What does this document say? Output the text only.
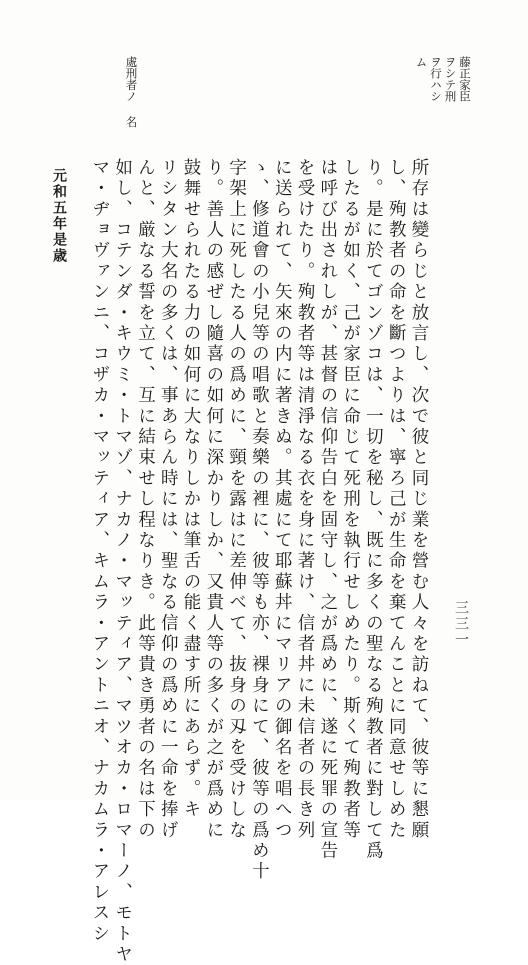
藤正家臣
ヲシテ刑
ヲ行ハシ
ム
處刑者ノ 名
所存は變らじと放言し、次で彼と同じ業を營む人々を訪ねて、彼等に懇願
し、殉教者の命を斷つよりは、寧ろ己が生命を棄てんことに同意せしめた
り。是に於てゴンゾコは、一切を秘し、既に多くの聖なる殉教者に對して爲
したるが如く、己が家臣に命じて死刑を執行せしめたり。斯くて殉教者等
は呼び出されしが、甚督の信仰告白を固守し、之が爲めに、遂に死罪の宣告
を受けたり。殉教者等は清淨なる衣を身に著け、信者丼に未信者の長き列
に送られて、矢來の内に著きぬ。其處にて耶蘇丼にマリアの御名を唱へつ
ゝ、修道會の小兒等の唱歌と奏樂の裡に、彼等も亦、裸身にて、彼等の爲め十
字架上に死したる人の爲めに、頸を露はに差伸べて、抜身の刄を受けしな
り。善人の感ぜし隨喜の如何に深かりしか、又貴人等の多くが之が爲めに
鼓舞せられたる力の如何に大なりしかは筆舌の能く盡す所にあらず。キ
リシタン大名の多くは、事あらん時には、聖なる信仰の爲めに一命を捧げ
んと、厳なる誓を立て、互に結束せし程なりき。此等貴き勇者の名は下の
如し、コテンダ・キウミ・トマゾ、ナカノ・マッティア、マツオカ・ロマーノ、モトヤ
マ・ヂョヴァンニ、コザカ・マッティア、キムラ・アントニオ、ナカムラ・アレスシ
元和五年是歳
三三一
